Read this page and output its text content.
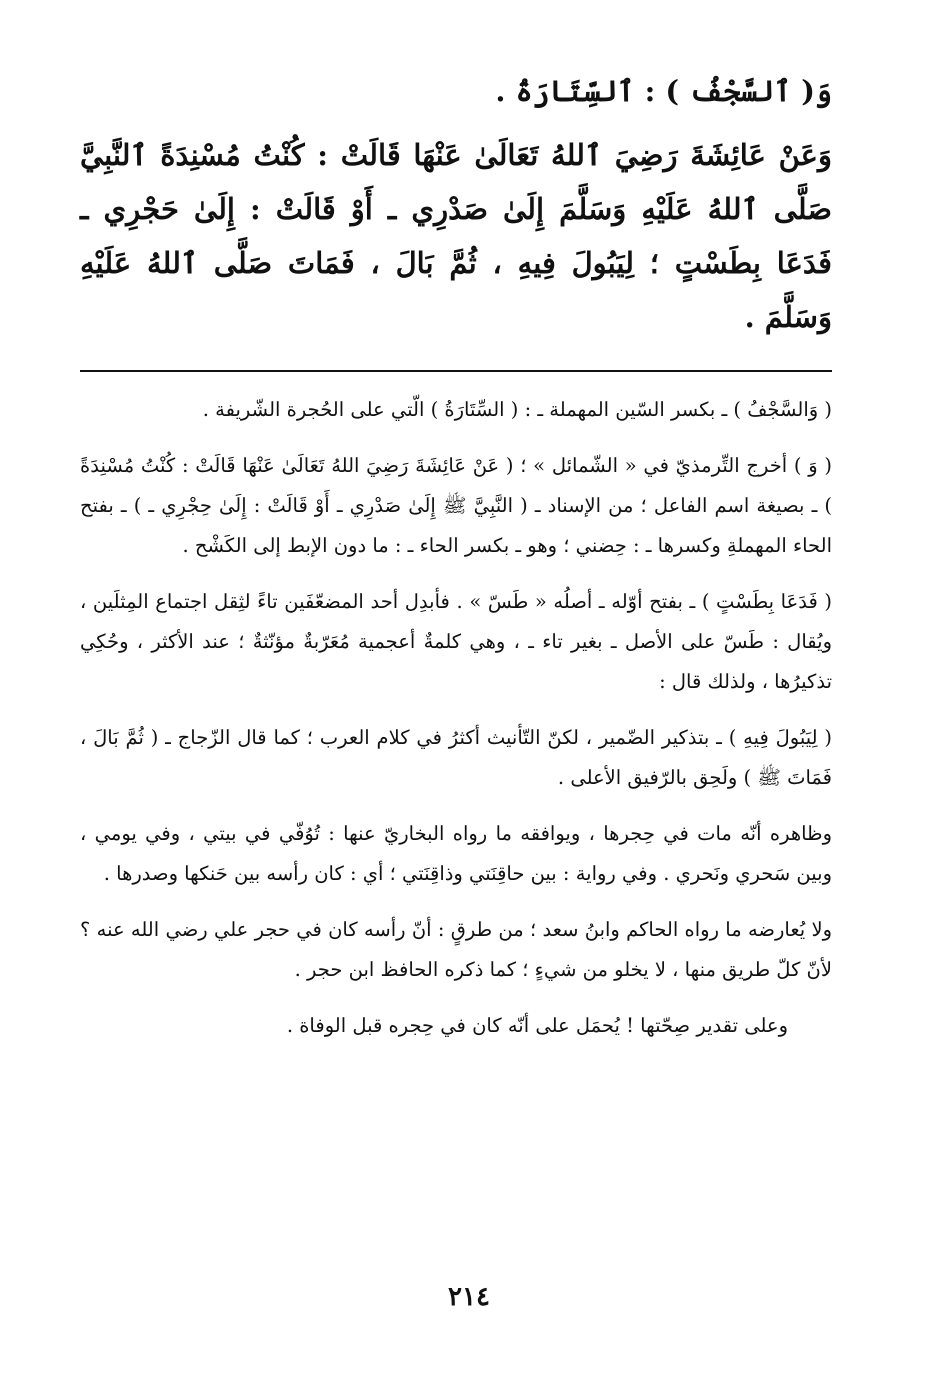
وَ( ٱلسَّجْفُ ) : ٱلسِّتَارَةُ .

وَعَنْ عَائِشَةَ رَضِيَ ٱللهُ تَعَالَىٰ عَنْهَا قَالَتْ : كُنْتُ مُسْنِدَةً ٱلنَّبِيَّ صَلَّى ٱللهُ عَلَيْهِ وَسَلَّمَ إِلَىٰ صَدْرِي ـ أَوْ قَالَتْ : إِلَىٰ حَجْرِي ـ فَدَعَا بِطَسْتٍ ؛ لِيَبُولَ فِيهِ ، ثُمَّ بَالَ ، فَمَاتَ صَلَّى ٱللهُ عَلَيْهِ وَسَلَّمَ .

( وَالسَّجْفُ ) ـ بكسر السّين المهملة ـ : ( السِّتَارَةُ ) الّتي على الحُجرة الشّريفة .

( وَ ) أخرج التِّرمذيّ في « الشّمائل » ؛ ( عَنْ عَائِشَةَ رَضِيَ اللهُ تَعَالَىٰ عَنْهَا قَالَتْ : كُنْتُ مُسْنِدَةً ) ـ بصيغة اسم الفاعل ؛ من الإسناد ـ ( النَّبِيَّ ﷺ إِلَىٰ صَدْرِي ـ أَوْ قَالَتْ : إِلَىٰ حِجْرِي ـ ) ـ بفتح الحاء المهملةِ وكسرها ـ : حِضني ؛ وهو ـ بكسر الحاء ـ : ما دون الإبط إلى الكَشْح .

( فَدَعَا بِطَسْتٍ ) ـ بفتح أوّله ـ أصلُه « طَسّ » . فأبدِل أحد المضعّفَين تاءً لثِقل اجتماع المِثلَين ، ويُقال : طَسّ على الأصل ـ بغير تاء ـ ، وهي كلمةٌ أعجمية مُعَرّبةٌ مؤنّثةٌ ؛ عند الأكثر ، وحُكِي تذكيرُها ، ولذلك قال :

( لِيَبُولَ فِيهِ ) ـ بتذكير الضّمير ، لكنّ التّأنيث أكثرُ في كلام العرب ؛ كما قال الزّجاج ـ ( ثُمَّ بَالَ ، فَمَاتَ ﷺ ) ولَحِق بالرّفيق الأعلى .

وظاهره أنّه مات في حِجرها ، ويوافقه ما رواه البخاريّ عنها : تُوُفّي في بيتي ، وفي يومي ، وبين سَحري ونَحري . وفي رواية : بين حاقِنَتي وذاقِنَتي ؛ أي : كان رأسه بين حَنكها وصدرها .

ولا يُعارضه ما رواه الحاكم وابنُ سعد ؛ من طرقٍ : أنّ رأسه كان في حجر علي رضي الله عنه ؟ لأنّ كلّ طريق منها ، لا يخلو من شيءٍ ؛ كما ذكره الحافظ ابن حجر .

وعلى تقدير صِحّتها ! يُحمَل على أنّه كان في حِجره قبل الوفاة .

٢١٤
